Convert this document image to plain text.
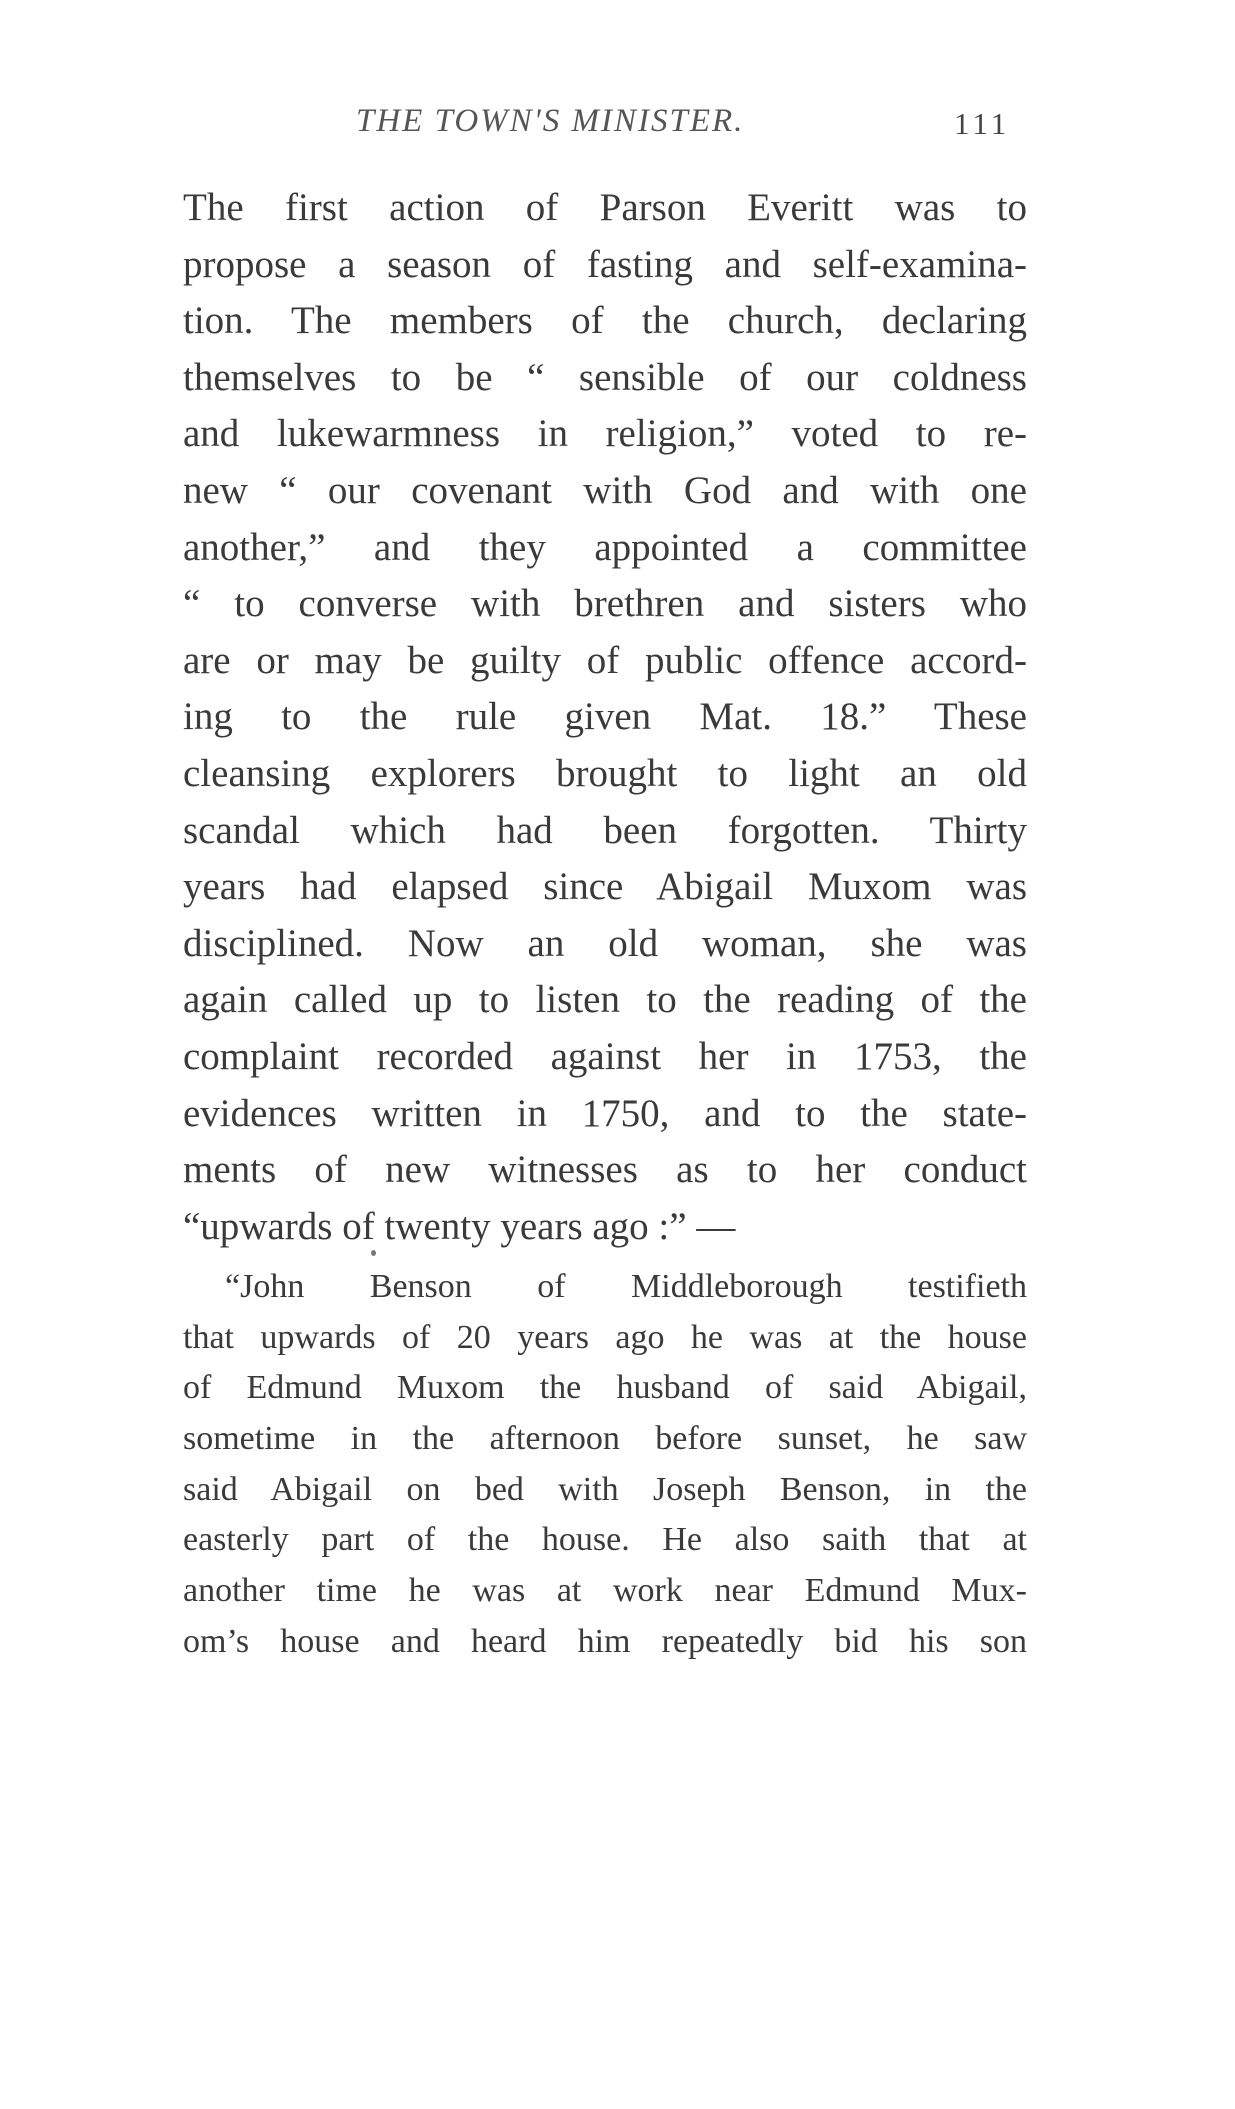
THE TOWN'S MINISTER.	111
The first action of Parson Everitt was to
propose a season of fasting and self-examina-
tion. The members of the church, declaring
themselves to be “ sensible of our coldness
and lukewarmness in religion,” voted to re-
new “ our covenant with God and with one
another,” and they appointed a committee
“ to converse with brethren and sisters who
are or may be guilty of public offence accord-
ing to the rule given Mat. 18.” These
cleansing explorers brought to light an old
scandal which had been forgotten. Thirty
years had elapsed since Abigail Muxom was
disciplined. Now an old woman, she was
again called up to listen to the reading of the
complaint recorded against her in 1753, the
evidences written in 1750, and to the state-
ments of new witnesses as to her conduct
“upwards of twenty years ago :” —
“John Benson of Middleborough testifieth
that upwards of 20 years ago he was at the house
of Edmund Muxom the husband of said Abigail,
sometime in the afternoon before sunset, he saw
said Abigail on bed with Joseph Benson, in the
easterly part of the house. He also saith that at
another time he was at work near Edmund Mux-
om’s house and heard him repeatedly bid his son
